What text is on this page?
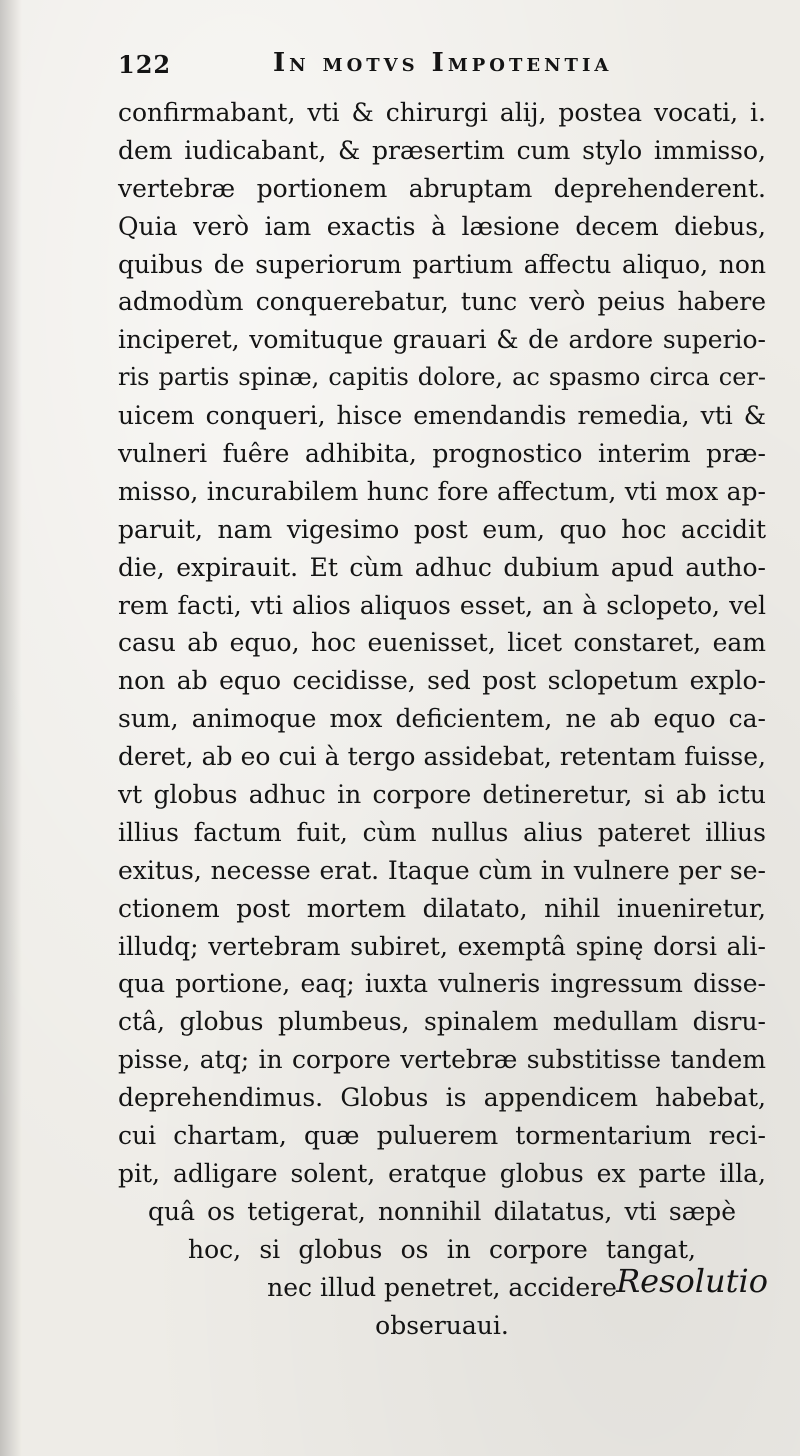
122	In motvs Impotentia
confirmabant, vti & chirurgi alij, postea vocati, i.
dem iudicabant, & præsertim cum stylo immisso,
vertebræ portionem abruptam deprehenderent.
Quia verò iam exactis à læsione decem diebus,
quibus de superiorum partium affectu aliquo, non
admodùm conquerebatur, tunc verò peius habere
inciperet, vomituque grauari & de ardore superio-
ris partis spinæ, capitis dolore, ac spasmo circa cer-
uicem conqueri, hisce emendandis remedia, vti &
vulneri fuêre adhibita, prognostico interim præ-
misso, incurabilem hunc fore affectum, vti mox ap-
paruit, nam vigesimo post eum, quo hoc accidit
die, expirauit. Et cùm adhuc dubium apud autho-
rem facti, vti alios aliquos esset, an à sclopeto, vel
casu ab equo, hoc euenisset, licet constaret, eam
non ab equo cecidisse, sed post sclopetum explo-
sum, animoque mox deficientem, ne ab equo ca-
deret, ab eo cui à tergo assidebat, retentam fuisse,
vt globus adhuc in corpore detineretur, si ab ictu
illius factum fuit, cùm nullus alius pateret illius
exitus, necesse erat. Itaque cùm in vulnere per se-
ctionem post mortem dilatato, nihil inueniretur,
illudq; vertebram subiret, exemptâ spinę dorsi ali-
qua portione, eaq; iuxta vulneris ingressum disse-
ctâ, globus plumbeus, spinalem medullam disru-
pisse, atq; in corpore vertebræ substitisse tandem
deprehendimus. Globus is appendicem habebat,
cui chartam, quæ puluerem tormentarium reci-
pit, adligare solent, eratque globus ex parte illa,
quâ os tetigerat, nonnihil dilatatus, vti sæpè
hoc, si globus os in corpore tangat,
nec illud penetret, accidere
obseruaui.
Resolutio
